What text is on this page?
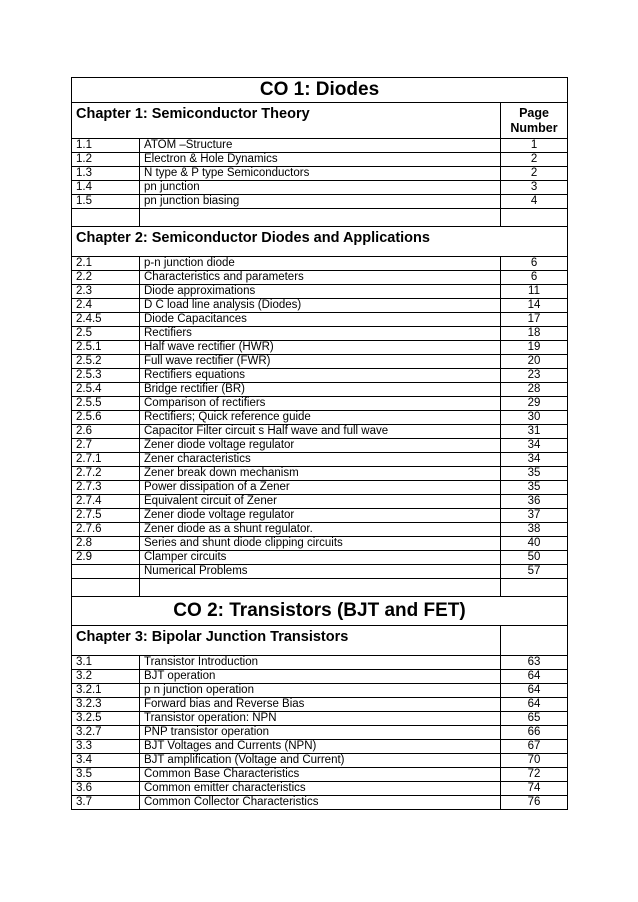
CO 1: Diodes		
Chapter 1: Semiconductor Theory		Page Number
1.1	ATOM –Structure	1
1.2	Electron & Hole Dynamics	2
1.3	N type & P type Semiconductors	2
1.4	pn junction	3
1.5	pn junction biasing	4

Chapter 2: Semiconductor Diodes and Applications		
2.1	p-n junction diode	6
2.2	Characteristics and parameters	6
2.3	Diode approximations	11
2.4	D C load line analysis (Diodes)	14
2.4.5	Diode Capacitances	17
2.5	Rectifiers	18
2.5.1	Half wave rectifier (HWR)	19
2.5.2	Full wave rectifier (FWR)	20
2.5.3	Rectifiers equations	23
2.5.4	Bridge rectifier (BR)	28
2.5.5	Comparison of rectifiers	29
2.5.6	Rectifiers; Quick reference guide	30
2.6	Capacitor Filter circuit s Half wave and full wave	31
2.7	Zener diode voltage regulator	34
2.7.1	Zener characteristics	34
2.7.2	Zener break down mechanism	35
2.7.3	Power dissipation of a Zener	35
2.7.4	Equivalent circuit of Zener	36
2.7.5	Zener diode voltage regulator	37
2.7.6	Zener diode as a shunt regulator.	38
2.8	Series and shunt diode clipping circuits	40
2.9	Clamper circuits	50
	Numerical Problems	57

CO 2: Transistors (BJT and FET)		
Chapter 3: Bipolar Junction Transistors		
3.1	Transistor Introduction	63
3.2	BJT operation	64
3.2.1	p n junction operation	64
3.2.3	Forward bias and Reverse Bias	64
3.2.5	Transistor operation: NPN	65
3.2.7	PNP transistor operation	66
3.3	BJT Voltages and Currents (NPN)	67
3.4	BJT amplification (Voltage and Current)	70
3.5	Common Base Characteristics	72
3.6	Common emitter characteristics	74
3.7	Common Collector Characteristics	76
